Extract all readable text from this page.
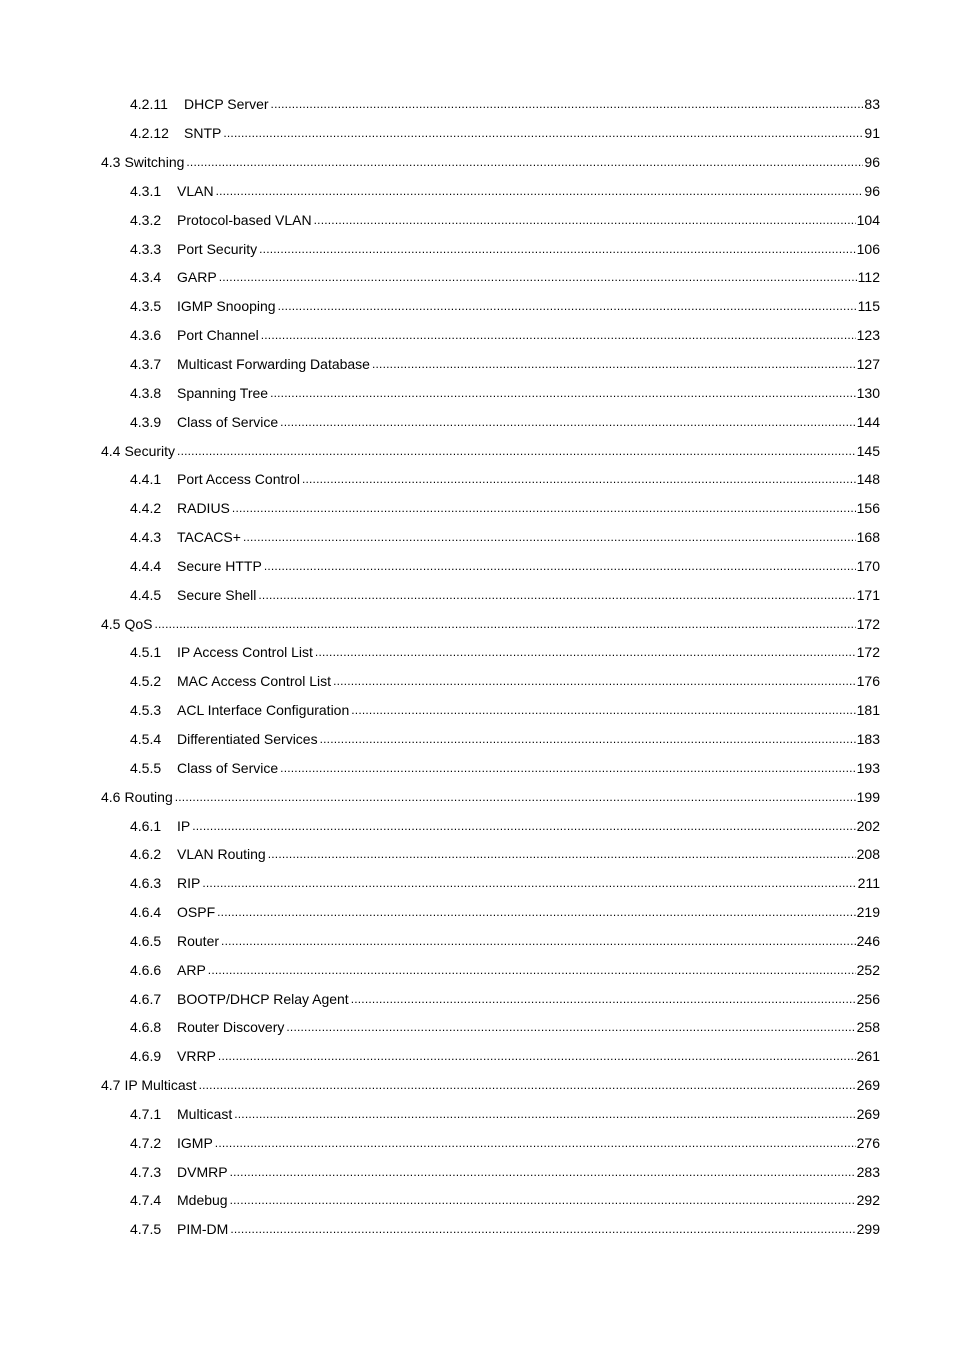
4.2.11	DHCP Server .....	83
4.2.12	SNTP .....	91
4.3 Switching .....	96
4.3.1	VLAN .....	96
4.3.2	Protocol-based VLAN .....	104
4.3.3	Port Security .....	106
4.3.4	GARP .....	112
4.3.5	IGMP Snooping .....	115
4.3.6	Port Channel .....	123
4.3.7	Multicast Forwarding Database .....	127
4.3.8	Spanning Tree .....	130
4.3.9	Class of Service .....	144
4.4 Security .....	145
4.4.1	Port Access Control .....	148
4.4.2	RADIUS .....	156
4.4.3	TACACS+ .....	168
4.4.4	Secure HTTP .....	170
4.4.5	Secure Shell .....	171
4.5 QoS .....	172
4.5.1	IP Access Control List .....	172
4.5.2	MAC Access Control List .....	176
4.5.3	ACL Interface Configuration .....	181
4.5.4	Differentiated Services .....	183
4.5.5	Class of Service .....	193
4.6 Routing .....	199
4.6.1	IP .....	202
4.6.2	VLAN Routing .....	208
4.6.3	RIP .....	211
4.6.4	OSPF .....	219
4.6.5	Router .....	246
4.6.6	ARP .....	252
4.6.7	BOOTP/DHCP Relay Agent .....	256
4.6.8	Router Discovery .....	258
4.6.9	VRRP .....	261
4.7 IP Multicast .....	269
4.7.1	Multicast .....	269
4.7.2	IGMP .....	276
4.7.3	DVMRP .....	283
4.7.4	Mdebug .....	292
4.7.5	PIM-DM .....	299
